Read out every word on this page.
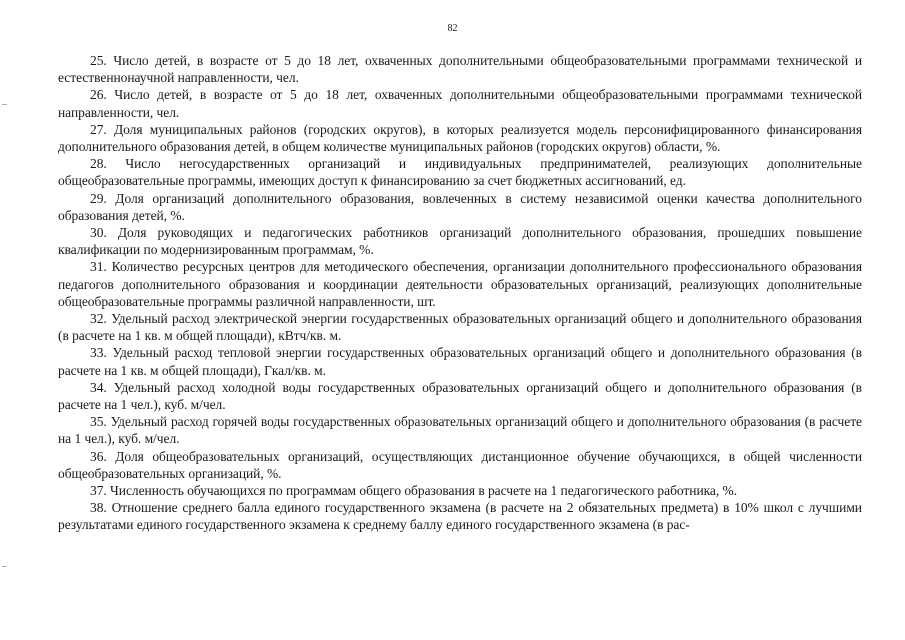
82

25. Число детей, в возрасте от 5 до 18 лет, охваченных дополнительными общеобразовательными программами технической и естественнонаучной направленности, чел.

26. Число детей, в возрасте от 5 до 18 лет, охваченных дополнительными общеобразовательными программами технической направленности, чел.

27. Доля муниципальных районов (городских округов), в которых реализуется модель персонифицированного финансирования дополнительного образования детей, в общем количестве муниципальных районов (городских округов) области, %.

28. Число негосударственных организаций и индивидуальных предпринимателей, реализующих дополнительные общеобразовательные программы, имеющих доступ к финансированию за счет бюджетных ассигнований, ед.

29. Доля организаций дополнительного образования, вовлеченных в систему независимой оценки качества дополнительного образования детей, %.

30. Доля руководящих и педагогических работников организаций дополнительного образования, прошедших повышение квалификации по модернизированным программам, %.

31. Количество ресурсных центров для методического обеспечения, организации дополнительного профессионального образования педагогов дополнительного образования и координации деятельности образовательных организаций, реализующих дополнительные общеобразовательные программы различной направленности, шт.

32. Удельный расход электрической энергии государственных образовательных организаций общего и дополнительного образования (в расчете на 1 кв. м общей площади), кВтч/кв. м.

33. Удельный расход тепловой энергии государственных образовательных организаций общего и дополнительного образования (в расчете на 1 кв. м общей площади), Гкал/кв. м.

34. Удельный расход холодной воды государственных образовательных организаций общего и дополнительного образования (в расчете на 1 чел.), куб. м/чел.

35. Удельный расход горячей воды государственных образовательных организаций общего и дополнительного образования (в расчете на 1 чел.), куб. м/чел.

36. Доля общеобразовательных организаций, осуществляющих дистанционное обучение обучающихся, в общей численности общеобразовательных организаций, %.

37. Численность обучающихся по программам общего образования в расчете на 1 педагогического работника, %.

38. Отношение среднего балла единого государственного экзамена (в расчете на 2 обязательных предмета) в 10% школ с лучшими результатами единого государственного экзамена к среднему баллу единого государственного экзамена (в рас-
